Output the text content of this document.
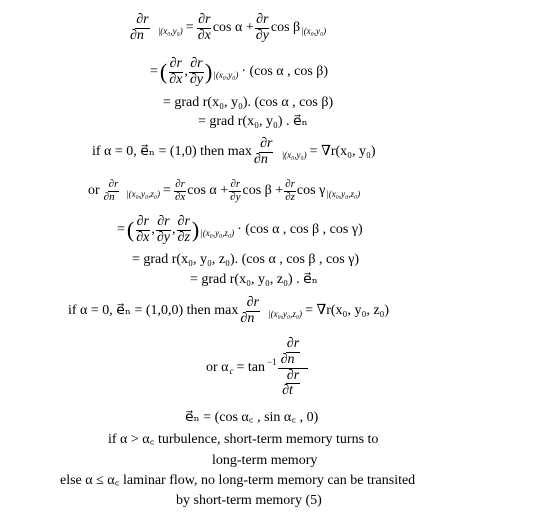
∂r
∂n⃗ $|(x_0,y_0) = \frac{\partial r}{\partial x}$ $\cos \alpha + \frac{\partial r}{\partial y}$ cos β |(x₀,y₀)
= ( ∂r
∂x ,
∂r
∂y ) |(x₀,y₀) · (cos α , cos β)
= grad r(x₀, y₀). (cos α , cos β)
= grad r(x₀, y₀) . e⃗ₙ
if α = 0, e⃗ₙ = (1,0) then max
∂r
∂n⃗ |(x₀,y₀) = ∇r(x₀, y₀)
or ∂r
∂n⃗ $|(x_0,y_0,z_0) = \frac{\partial r}{\partial x}$ $\cos \alpha + \frac{\partial r}{\partial y}$ $\cos \beta + \frac{\partial r}{\partial z}$ cos γ |(x₀,y₀,z₀)
= ( ∂r
∂x ,
∂r
∂y ,
∂r
∂z ) |(x₀,y₀,z₀) · (cos α , cos β , cos γ)
= grad r(x₀, y₀, z₀). (cos α , cos β , cos γ)
= grad r(x₀, y₀, z₀) . e⃗ₙ
if α = 0, e⃗ₙ = (1,0,0) then max
∂r
∂n⃗ |(x₀,y₀,z₀) = ∇r(x₀, y₀, z₀)
or α $c = \tan -1 \frac{\frac{\partial r}{\partial n⃗}}{\frac{\partial r}{\partial t⃗}}$
e⃗ₙ = (cos α꜀ , sin α꜀ , 0)
if α > α꜀ turbulence, short-term memory turns to
long-term memory
else α ≤ α꜀ laminar flow, no long-term memory can be transited
by short-term memory (5)
